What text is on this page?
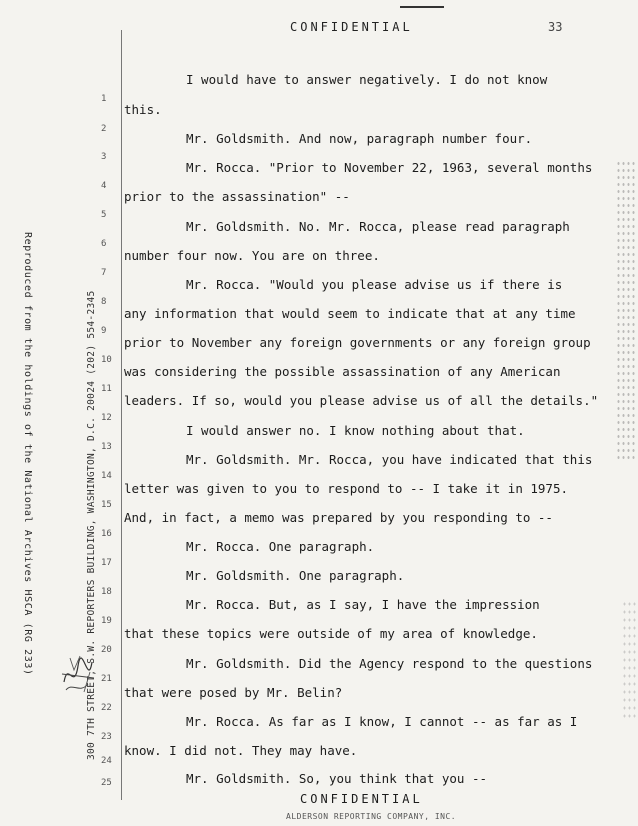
CONFIDENTIAL	33
300 7TH STREET, S.W. REPORTERS BUILDING, WASHINGTON, D.C. 20024 (202) 554-2345
Reproduced from the holdings of the National Archives HSCA (RG 233)
1
2
3
4
5
6
7
8
9
10
11
12
13
14
15
16
17
18
19
20
21
22
23
24
25
I would have to answer negatively. I do not know
this.
Mr. Goldsmith. And now, paragraph number four.
Mr. Rocca. "Prior to November 22, 1963, several months
prior to the assassination" --
Mr. Goldsmith. No. Mr. Rocca, please read paragraph
number four now. You are on three.
Mr. Rocca. "Would you please advise us if there is
any information that would seem to indicate that at any time
prior to November any foreign governments or any foreign group
was considering the possible assassination of any American
leaders. If so, would you please advise us of all the details."
I would answer no. I know nothing about that.
Mr. Goldsmith. Mr. Rocca, you have indicated that this
letter was given to you to respond to -- I take it in 1975.
And, in fact, a memo was prepared by you responding to --
Mr. Rocca. One paragraph.
Mr. Goldsmith. One paragraph.
Mr. Rocca. But, as I say, I have the impression
that these topics were outside of my area of knowledge.
Mr. Goldsmith. Did the Agency respond to the questions
that were posed by Mr. Belin?
Mr. Rocca. As far as I know, I cannot -- as far as I
know. I did not. They may have.
Mr. Goldsmith. So, you think that you --
CONFIDENTIAL
ALDERSON REPORTING COMPANY, INC.
